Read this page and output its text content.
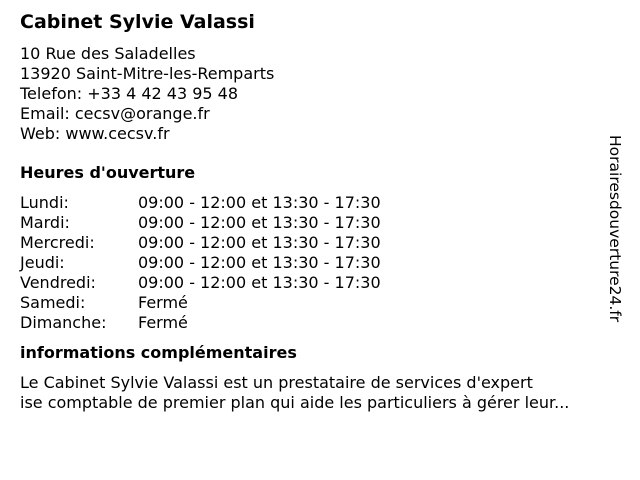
Cabinet Sylvie Valassi
10 Rue des Saladelles
13920 Saint-Mitre-les-Remparts
Telefon: +33 4 42 43 95 48
Email: cecsv@orange.fr
Web: www.cecsv.fr
Heures d'ouverture
Lundi:	09:00 - 12:00 et 13:30 - 17:30
Mardi:	09:00 - 12:00 et 13:30 - 17:30
Mercredi:	09:00 - 12:00 et 13:30 - 17:30
Jeudi:	09:00 - 12:00 et 13:30 - 17:30
Vendredi:	09:00 - 12:00 et 13:30 - 17:30
Samedi:	Fermé
Dimanche:	Fermé
informations complémentaires
Le Cabinet Sylvie Valassi est un prestataire de services d'expert
ise comptable de premier plan qui aide les particuliers à gérer leur...
Horairesdouverture24.fr
